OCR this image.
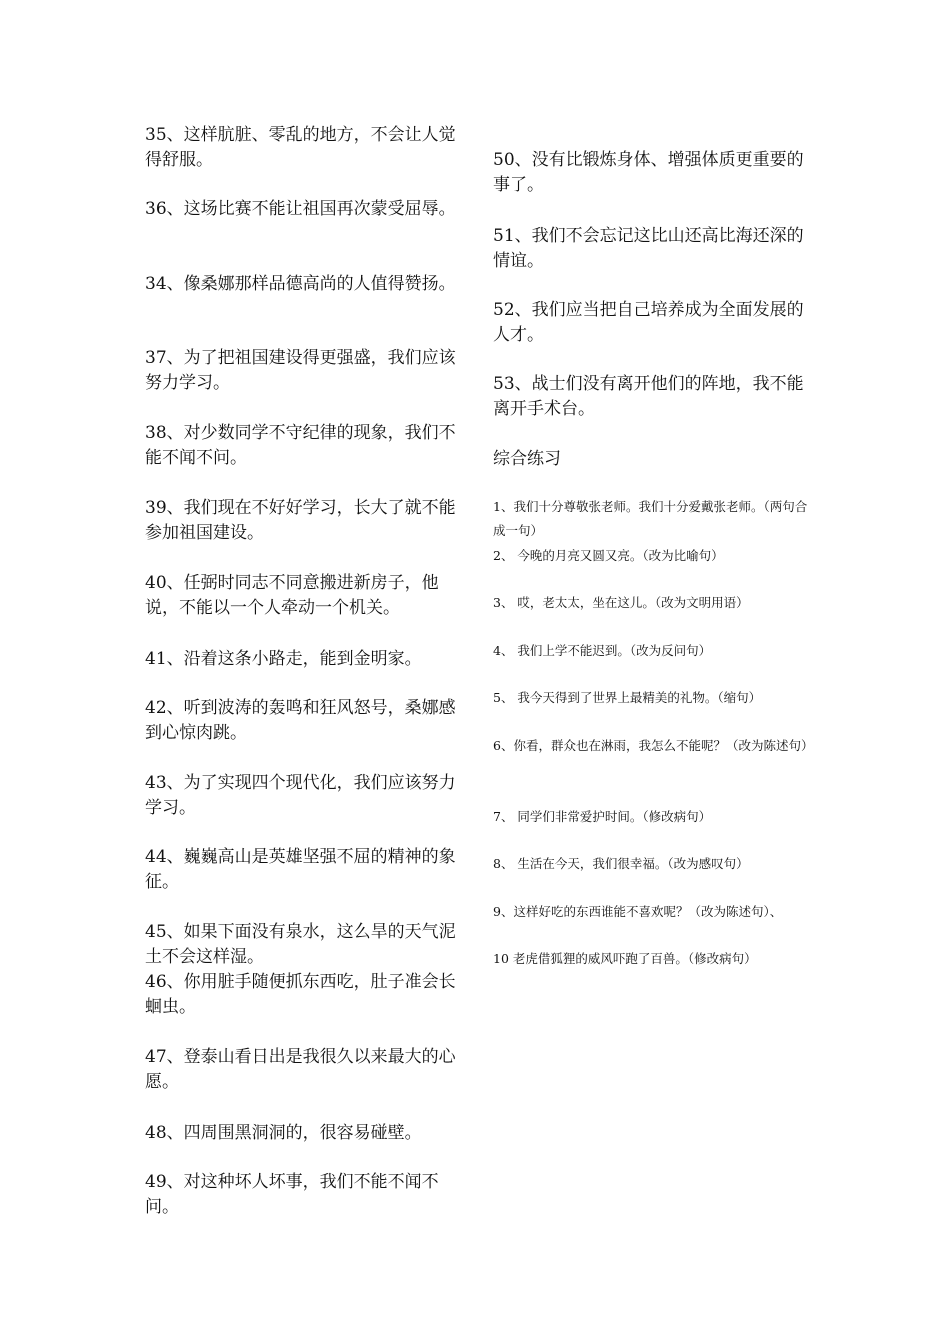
35、这样肮脏、零乱的地方，不会让人觉得舒服。

36、这场比赛不能让祖国再次蒙受屈辱。

34、像桑娜那样品德高尚的人值得赞扬。

37、为了把祖国建设得更强盛，我们应该努力学习。

38、对少数同学不守纪律的现象，我们不能不闻不问。

39、我们现在不好好学习，长大了就不能参加祖国建设。

40、任弼时同志不同意搬进新房子，他说，不能以一个人牵动一个机关。

41、沿着这条小路走，能到金明家。

42、听到波涛的轰鸣和狂风怒号，桑娜感到心惊肉跳。

43、为了实现四个现代化，我们应该努力学习。

44、巍巍高山是英雄坚强不屈的精神的象征。

45、如果下面没有泉水，这么旱的天气泥土不会这样湿。

46、你用脏手随便抓东西吃，肚子准会长蛔虫。

47、登泰山看日出是我很久以来最大的心愿。

48、四周围黑洞洞的，很容易碰壁。

49、对这种坏人坏事，我们不能不闻不问。

50、没有比锻炼身体、增强体质更重要的事了。

51、我们不会忘记这比山还高比海还深的情谊。

52、我们应当把自己培养成为全面发展的人才。

53、战士们没有离开他们的阵地，我不能离开手术台。

综合练习

1、我们十分尊敬张老师。我们十分爱戴张老师。（两句合成一句）

2、 今晚的月亮又圆又亮。（改为比喻句）

3、 哎，老太太，坐在这儿。（改为文明用语）

4、 我们上学不能迟到。（改为反问句）

5、 我今天得到了世界上最精美的礼物。（缩句）

6、你看，群众也在淋雨，我怎么不能呢？（改为陈述句）

7、 同学们非常爱护时间。（修改病句）

8、 生活在今天，我们很幸福。（改为感叹句）

9、这样好吃的东西谁能不喜欢呢？（改为陈述句）、

10 老虎借狐狸的威风吓跑了百兽。（修改病句）
